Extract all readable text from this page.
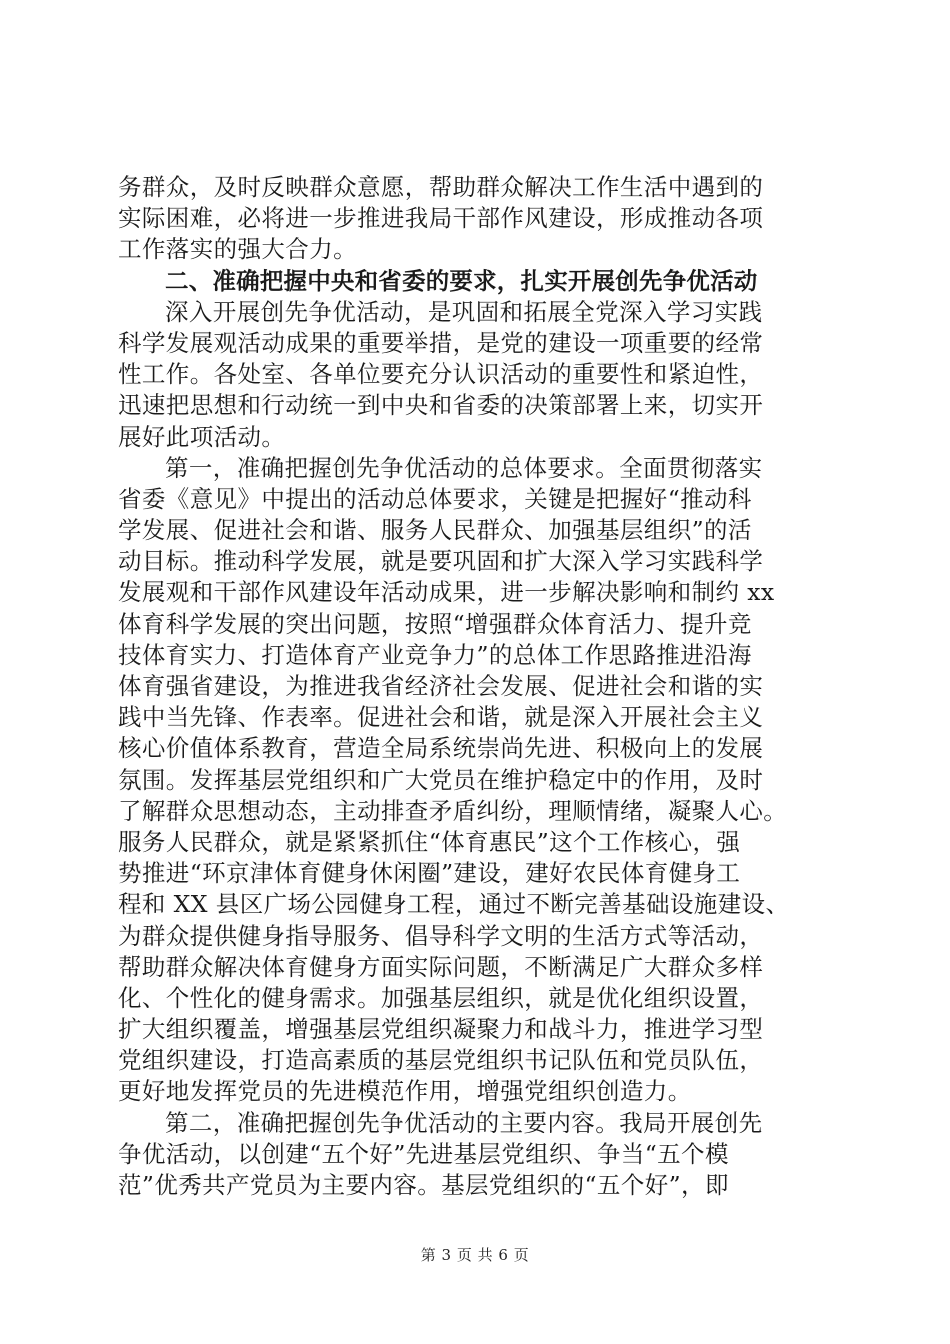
务群众，及时反映群众意愿，帮助群众解决工作生活中遇到的
实际困难，必将进一步推进我局干部作风建设，形成推动各项
工作落实的强大合力。
二、准确把握中央和省委的要求，扎实开展创先争优活动
深入开展创先争优活动，是巩固和拓展全党深入学习实践
科学发展观活动成果的重要举措，是党的建设一项重要的经常
性工作。各处室、各单位要充分认识活动的重要性和紧迫性，
迅速把思想和行动统一到中央和省委的决策部署上来，切实开
展好此项活动。
第一，准确把握创先争优活动的总体要求。全面贯彻落实
省委《意见》中提出的活动总体要求，关键是把握好“推动科
学发展、促进社会和谐、服务人民群众、加强基层组织”的活
动目标。推动科学发展，就是要巩固和扩大深入学习实践科学
发展观和干部作风建设年活动成果，进一步解决影响和制约 xx
体育科学发展的突出问题，按照“增强群众体育活力、提升竞
技体育实力、打造体育产业竞争力”的总体工作思路推进沿海
体育强省建设，为推进我省经济社会发展、促进社会和谐的实
践中当先锋、作表率。促进社会和谐，就是深入开展社会主义
核心价值体系教育，营造全局系统崇尚先进、积极向上的发展
氛围。发挥基层党组织和广大党员在维护稳定中的作用，及时
了解群众思想动态，主动排查矛盾纠纷，理顺情绪，凝聚人心。
服务人民群众，就是紧紧抓住“体育惠民”这个工作核心，强
势推进“环京津体育健身休闲圈”建设，建好农民体育健身工
程和 XX 县区广场公园健身工程，通过不断完善基础设施建设、
为群众提供健身指导服务、倡导科学文明的生活方式等活动，
帮助群众解决体育健身方面实际问题，不断满足广大群众多样
化、个性化的健身需求。加强基层组织，就是优化组织设置，
扩大组织覆盖，增强基层党组织凝聚力和战斗力，推进学习型
党组织建设，打造高素质的基层党组织书记队伍和党员队伍，
更好地发挥党员的先进模范作用，增强党组织创造力。
第二，准确把握创先争优活动的主要内容。我局开展创先
争优活动，以创建“五个好”先进基层党组织、争当“五个模
范”优秀共产党员为主要内容。基层党组织的“五个好”，即
第 3 页 共 6 页
